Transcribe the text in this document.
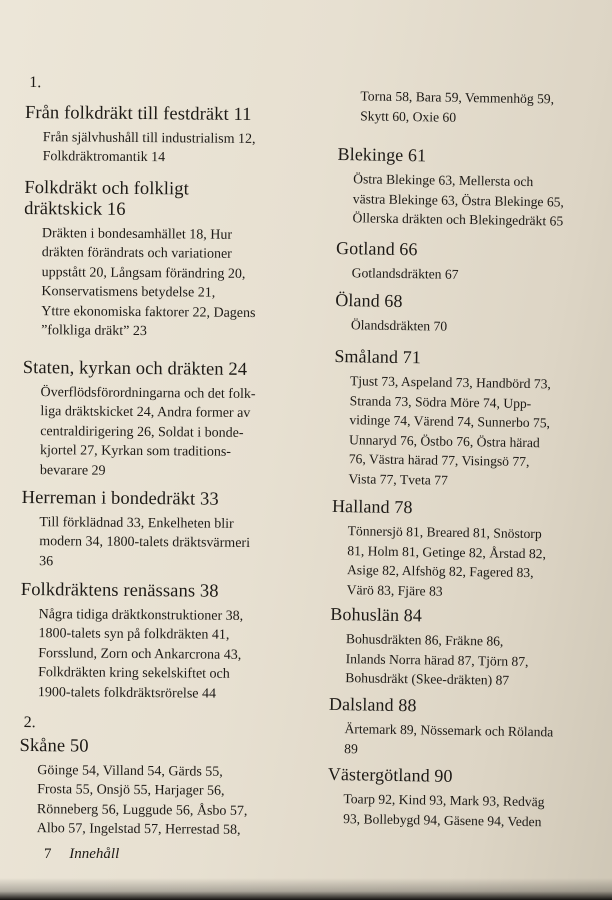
1.
Från folkdräkt till festdräkt 11
Från självhushåll till industrialism 12,
Folkdräktromantik 14
Folkdräkt och folkligt
dräktskick 16
Dräkten i bondesamhället 18, Hur
dräkten förändrats och variationer
uppstått 20, Långsam förändring 20,
Konservatismens betydelse 21,
Yttre ekonomiska faktorer 22, Dagens
”folkliga dräkt” 23
Staten, kyrkan och dräkten 24
Överflödsförordningarna och det folk-
liga dräktskicket 24, Andra former av
centraldirigering 26, Soldat i bonde-
kjortel 27, Kyrkan som traditions-
bevarare 29
Herreman i bondedräkt 33
Till förklädnad 33, Enkelheten blir
modern 34, 1800-talets dräktsvärmeri
36
Folkdräktens renässans 38
Några tidiga dräktkonstruktioner 38,
1800-talets syn på folkdräkten 41,
Forsslund, Zorn och Ankarcrona 43,
Folkdräkten kring sekelskiftet och
1900-talets folkdräktsrörelse 44
2.
Skåne 50
Göinge 54, Villand 54, Gärds 55,
Frosta 55, Onsjö 55, Harjager 56,
Rönneberg 56, Luggude 56, Åsbo 57,
Albo 57, Ingelstad 57, Herrestad 58,
Torna 58, Bara 59, Vemmenhög 59,
Skytt 60, Oxie 60
Blekinge 61
Östra Blekinge 63, Mellersta och
västra Blekinge 63, Östra Blekinge 65,
Öllerska dräkten och Blekingedräkt 65
Gotland 66
Gotlandsdräkten 67
Öland 68
Ölandsdräkten 70
Småland 71
Tjust 73, Aspeland 73, Handbörd 73,
Stranda 73, Södra Möre 74, Upp-
vidinge 74, Värend 74, Sunnerbo 75,
Unnaryd 76, Östbo 76, Östra härad
76, Västra härad 77, Visingsö 77,
Vista 77, Tveta 77
Halland 78
Tönnersjö 81, Breared 81, Snöstorp
81, Holm 81, Getinge 82, Årstad 82,
Asige 82, Alfshög 82, Fagered 83,
Värö 83, Fjäre 83
Bohuslän 84
Bohusdräkten 86, Fräkne 86,
Inlands Norra härad 87, Tjörn 87,
Bohusdräkt (Skee-dräkten) 87
Dalsland 88
Ärtemark 89, Nössemark och Rölanda
89
Västergötland 90
Toarp 92, Kind 93, Mark 93, Redväg
93, Bollebygd 94, Gäsene 94, Veden
7 Innehåll
